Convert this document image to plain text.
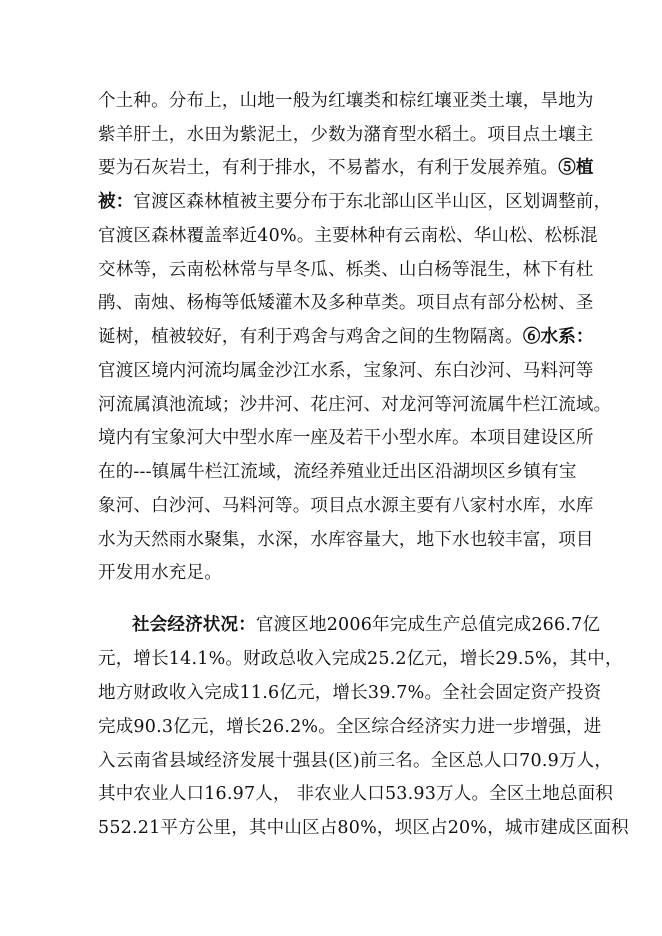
个土种。分布上，山地一般为红壤类和棕红壤亚类土壤，旱地为
紫羊肝土，水田为紫泥土，少数为潴育型水稻土。项目点土壤主
要为石灰岩土，有利于排水，不易蓄水，有利于发展养殖。⑤植
被：官渡区森林植被主要分布于东北部山区半山区，区划调整前，
官渡区森林覆盖率近40%。主要林种有云南松、华山松、松栎混
交林等，云南松林常与旱冬瓜、栎类、山白杨等混生，林下有杜
鹃、南烛、杨梅等低矮灌木及多种草类。项目点有部分松树、圣
诞树，植被较好，有利于鸡舍与鸡舍之间的生物隔离。⑥水系：
官渡区境内河流均属金沙江水系，宝象河、东白沙河、马料河等
河流属滇池流域；沙井河、花庄河、对龙河等河流属牛栏江流域。
境内有宝象河大中型水库一座及若干小型水库。本项目建设区所
在的---镇属牛栏江流域，流经养殖业迁出区沿湖坝区乡镇有宝
象河、白沙河、马料河等。项目点水源主要有八家村水库，水库
水为天然雨水聚集，水深，水库容量大，地下水也较丰富，项目
开发用水充足。
社会经济状况：官渡区地2006年完成生产总值完成266.7亿
元，增长14.1%。财政总收入完成25.2亿元，增长29.5%，其中，
地方财政收入完成11.6亿元，增长39.7%。全社会固定资产投资
完成90.3亿元，增长26.2%。全区综合经济实力进一步增强，进
入云南省县域经济发展十强县(区)前三名。全区总人口70.9万人，
其中农业人口16.97人， 非农业人口53.93万人。全区土地总面积
552.21平方公里，其中山区占80%，坝区占20%，城市建成区面积
